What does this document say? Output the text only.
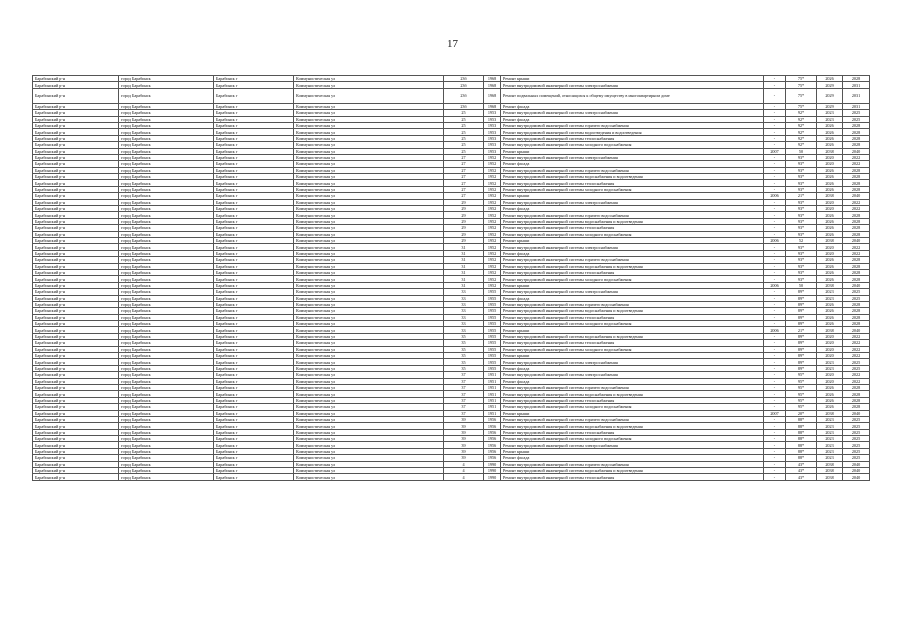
17
Барабинский р-н	город Барабинск	Барабинск г	Коммунистическая ул	23б	1968	Ремонт крыши	-	75*	2026	2028
Барабинский р-н	город Барабинск	Барабинск г	Коммунистическая ул	23б	1968	Ремонт внутридомовой инженерной системы электроснабжения	-	75*	2029	2031
Барабинский р-н	город Барабинск	Барабинск г	Коммунистическая ул	23б	1968	Ремонт подвальных помещений, относящихся к общему имуществу в многоквартирном доме	-	75*	2029	2031
Барабинский р-н	город Барабинск	Барабинск г	Коммунистическая ул	23б	1968	Ремонт фасада	-	75*	2029	2031
Барабинский р-н	город Барабинск	Барабинск г	Коммунистическая ул	25	1953	Ремонт внутридомовой инженерной системы электроснабжения	-	92*	2023	2025
Барабинский р-н	город Барабинск	Барабинск г	Коммунистическая ул	25	1953	Ремонт фасада	-	92*	2023	2025
Барабинский р-н	город Барабинск	Барабинск г	Коммунистическая ул	25	1953	Ремонт внутридомовой инженерной системы горячего водоснабжения	-	92*	2026	2028
Барабинский р-н	город Барабинск	Барабинск г	Коммунистическая ул	25	1953	Ремонт внутридомовой инженерной системы водоотведения и водоотведения	-	92*	2026	2028
Барабинский р-н	город Барабинск	Барабинск г	Коммунистическая ул	25	1953	Ремонт внутридомовой инженерной системы теплоснабжения	-	92*	2026	2028
Барабинский р-н	город Барабинск	Барабинск г	Коммунистическая ул	25	1953	Ремонт внутридомовой инженерной системы холодного водоснабжения	-	92*	2026	2028
Барабинский р-н	город Барабинск	Барабинск г	Коммунистическая ул	25	1953	Ремонт крыши	2007	50	2038	2040
Барабинский р-н	город Барабинск	Барабинск г	Коммунистическая ул	27	1952	Ремонт внутридомовой инженерной системы электроснабжения	-	93*	2020	2022
Барабинский р-н	город Барабинск	Барабинск г	Коммунистическая ул	27	1952	Ремонт фасада	-	93*	2020	2022
Барабинский р-н	город Барабинск	Барабинск г	Коммунистическая ул	27	1952	Ремонт внутридомовой инженерной системы горячего водоснабжения	-	93*	2026	2028
Барабинский р-н	город Барабинск	Барабинск г	Коммунистическая ул	27	1952	Ремонт внутридомовой инженерной системы водоснабжения и водоотведения	-	93*	2026	2028
Барабинский р-н	город Барабинск	Барабинск г	Коммунистическая ул	27	1952	Ремонт внутридомовой инженерной системы теплоснабжения	-	93*	2026	2028
Барабинский р-н	город Барабинск	Барабинск г	Коммунистическая ул	27	1952	Ремонт внутридомовой инженерной системы холодного водоснабжения	-	93*	2026	2028
Барабинский р-н	город Барабинск	Барабинск г	Коммунистическая ул	27	1952	Ремонт крыши	2006	21*	2038	2040
Барабинский р-н	город Барабинск	Барабинск г	Коммунистическая ул	29	1952	Ремонт внутридомовой инженерной системы электроснабжения	-	93*	2020	2022
Барабинский р-н	город Барабинск	Барабинск г	Коммунистическая ул	29	1952	Ремонт фасада	-	93*	2020	2022
Барабинский р-н	город Барабинск	Барабинск г	Коммунистическая ул	29	1952	Ремонт внутридомовой инженерной системы горячего водоснабжения	-	93*	2026	2028
Барабинский р-н	город Барабинск	Барабинск г	Коммунистическая ул	29	1952	Ремонт внутридомовой инженерной системы водоснабжения и водоотведения	-	93*	2026	2028
Барабинский р-н	город Барабинск	Барабинск г	Коммунистическая ул	29	1952	Ремонт внутридомовой инженерной системы теплоснабжения	-	93*	2026	2028
Барабинский р-н	город Барабинск	Барабинск г	Коммунистическая ул	29	1952	Ремонт внутридомовой инженерной системы холодного водоснабжения	-	93*	2026	2028
Барабинский р-н	город Барабинск	Барабинск г	Коммунистическая ул	29	1952	Ремонт крыши	2006	52	2038	2040
Барабинский р-н	город Барабинск	Барабинск г	Коммунистическая ул	31	1952	Ремонт внутридомовой инженерной системы электроснабжения	-	93*	2020	2022
Барабинский р-н	город Барабинск	Барабинск г	Коммунистическая ул	31	1952	Ремонт фасада	-	93*	2020	2022
Барабинский р-н	город Барабинск	Барабинск г	Коммунистическая ул	31	1952	Ремонт внутридомовой инженерной системы горячего водоснабжения	-	93*	2026	2028
Барабинский р-н	город Барабинск	Барабинск г	Коммунистическая ул	31	1952	Ремонт внутридомовой инженерной системы водоснабжения и водоотведения	-	93*	2026	2028
Барабинский р-н	город Барабинск	Барабинск г	Коммунистическая ул	31	1952	Ремонт внутридомовой инженерной системы теплоснабжения	-	93*	2026	2028
Барабинский р-н	город Барабинск	Барабинск г	Коммунистическая ул	31	1952	Ремонт внутридомовой инженерной системы холодного водоснабжения	-	93*	2026	2028
Барабинский р-н	город Барабинск	Барабинск г	Коммунистическая ул	31	1952	Ремонт крыши	2006	50	2038	2040
Барабинский р-н	город Барабинск	Барабинск г	Коммунистическая ул	33	1955	Ремонт внутридомовой инженерной системы электроснабжения	-	89*	2023	2025
Барабинский р-н	город Барабинск	Барабинск г	Коммунистическая ул	33	1955	Ремонт фасада	-	89*	2023	2025
Барабинский р-н	город Барабинск	Барабинск г	Коммунистическая ул	33	1955	Ремонт внутридомовой инженерной системы горячего водоснабжения	-	89*	2026	2028
Барабинский р-н	город Барабинск	Барабинск г	Коммунистическая ул	33	1955	Ремонт внутридомовой инженерной системы водоснабжения и водоотведения	-	89*	2026	2028
Барабинский р-н	город Барабинск	Барабинск г	Коммунистическая ул	33	1955	Ремонт внутридомовой инженерной системы теплоснабжения	-	89*	2026	2028
Барабинский р-н	город Барабинск	Барабинск г	Коммунистическая ул	33	1955	Ремонт внутридомовой инженерной системы холодного водоснабжения	-	89*	2026	2028
Барабинский р-н	город Барабинск	Барабинск г	Коммунистическая ул	33	1955	Ремонт крыши	2006	21*	2038	2040
Барабинский р-н	город Барабинск	Барабинск г	Коммунистическая ул	35	1955	Ремонт внутридомовой инженерной системы водоснабжения и водоотведения	-	89*	2020	2022
Барабинский р-н	город Барабинск	Барабинск г	Коммунистическая ул	35	1955	Ремонт внутридомовой инженерной системы теплоснабжения	-	89*	2020	2022
Барабинский р-н	город Барабинск	Барабинск г	Коммунистическая ул	35	1955	Ремонт внутридомовой инженерной системы холодного водоснабжения	-	89*	2020	2022
Барабинский р-н	город Барабинск	Барабинск г	Коммунистическая ул	35	1955	Ремонт крыши	-	89*	2020	2022
Барабинский р-н	город Барабинск	Барабинск г	Коммунистическая ул	35	1955	Ремонт внутридомовой инженерной системы электроснабжения	-	89*	2023	2025
Барабинский р-н	город Барабинск	Барабинск г	Коммунистическая ул	35	1955	Ремонт фасада	-	89*	2023	2025
Барабинский р-н	город Барабинск	Барабинск г	Коммунистическая ул	37	1951	Ремонт внутридомовой инженерной системы электроснабжения	-	95*	2020	2022
Барабинский р-н	город Барабинск	Барабинск г	Коммунистическая ул	37	1951	Ремонт фасада	-	95*	2020	2022
Барабинский р-н	город Барабинск	Барабинск г	Коммунистическая ул	37	1951	Ремонт внутридомовой инженерной системы горячего водоснабжения	-	95*	2026	2028
Барабинский р-н	город Барабинск	Барабинск г	Коммунистическая ул	37	1951	Ремонт внутридомовой инженерной системы водоснабжения и водоотведения	-	95*	2026	2028
Барабинский р-н	город Барабинск	Барабинск г	Коммунистическая ул	37	1951	Ремонт внутридомовой инженерной системы теплоснабжения	-	95*	2026	2028
Барабинский р-н	город Барабинск	Барабинск г	Коммунистическая ул	37	1951	Ремонт внутридомовой инженерной системы холодного водоснабжения	-	95*	2026	2028
Барабинский р-н	город Барабинск	Барабинск г	Коммунистическая ул	37	1951	Ремонт крыши	2007	20*	2038	2040
Барабинский р-н	город Барабинск	Барабинск г	Коммунистическая ул	39	1956	Ремонт внутридомовой инженерной системы горячего водоснабжения	-	88*	2023	2025
Барабинский р-н	город Барабинск	Барабинск г	Коммунистическая ул	39	1956	Ремонт внутридомовой инженерной системы водоснабжения и водоотведения	-	88*	2023	2025
Барабинский р-н	город Барабинск	Барабинск г	Коммунистическая ул	39	1956	Ремонт внутридомовой инженерной системы теплоснабжения	-	88*	2023	2025
Барабинский р-н	город Барабинск	Барабинск г	Коммунистическая ул	39	1956	Ремонт внутридомовой инженерной системы холодного водоснабжения	-	88*	2023	2025
Барабинский р-н	город Барабинск	Барабинск г	Коммунистическая ул	39	1956	Ремонт внутридомовой инженерной системы электроснабжения	-	88*	2023	2025
Барабинский р-н	город Барабинск	Барабинск г	Коммунистическая ул	39	1956	Ремонт крыши	-	88*	2023	2025
Барабинский р-н	город Барабинск	Барабинск г	Коммунистическая ул	39	1956	Ремонт фасада	-	88*	2023	2025
Барабинский р-н	город Барабинск	Барабинск г	Коммунистическая ул	4	1990	Ремонт внутридомовой инженерной системы горячего водоснабжения	-	43*	2038	2040
Барабинский р-н	город Барабинск	Барабинск г	Коммунистическая ул	4	1990	Ремонт внутридомовой инженерной системы водоснабжения и водоотведения	-	43*	2038	2040
Барабинский р-н	город Барабинск	Барабинск г	Коммунистическая ул	4	1990	Ремонт внутридомовой инженерной системы теплоснабжения	-	43*	2038	2040
